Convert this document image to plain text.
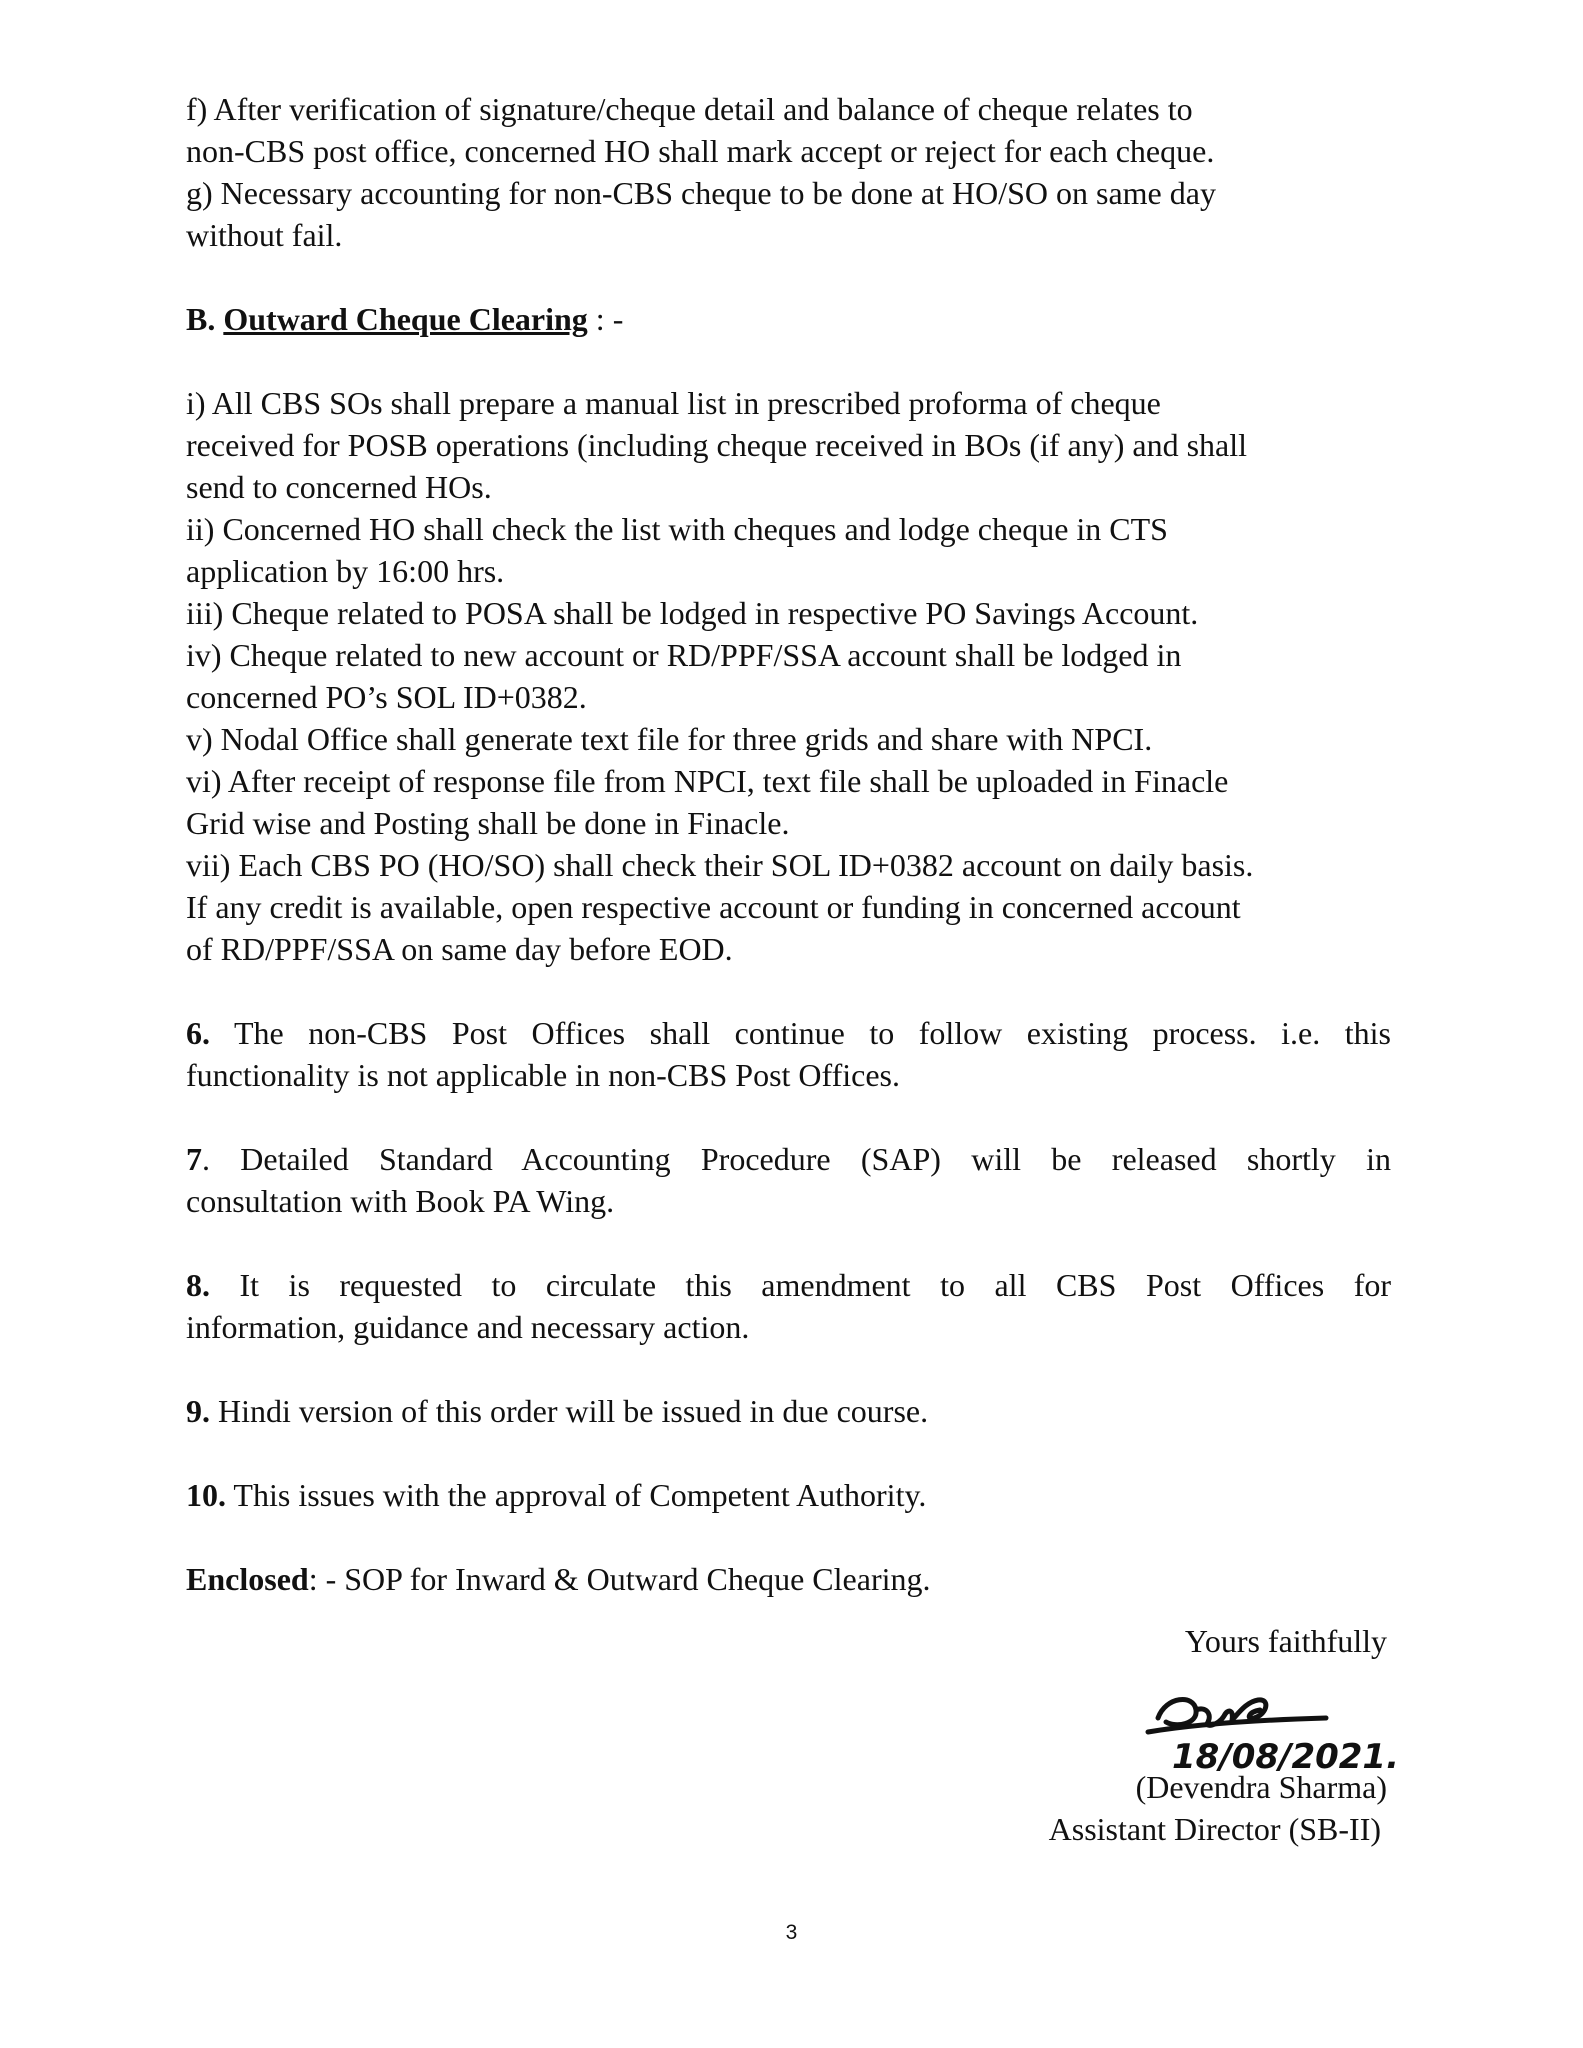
f) After verification of signature/cheque detail and balance of cheque relates to
non-CBS post office, concerned HO shall mark accept or reject for each cheque.
g) Necessary accounting for non-CBS cheque to be done at HO/SO on same day
without fail.
B. Outward Cheque Clearing : -
i) All CBS SOs shall prepare a manual list in prescribed proforma of cheque
received for POSB operations (including cheque received in BOs (if any) and shall
send to concerned HOs.
ii) Concerned HO shall check the list with cheques and lodge cheque in CTS
application by 16:00 hrs.
iii) Cheque related to POSA shall be lodged in respective PO Savings Account.
iv) Cheque related to new account or RD/PPF/SSA account shall be lodged in
concerned PO’s SOL ID+0382.
v) Nodal Office shall generate text file for three grids and share with NPCI.
vi) After receipt of response file from NPCI, text file shall be uploaded in Finacle
Grid wise and Posting shall be done in Finacle.
vii) Each CBS PO (HO/SO) shall check their SOL ID+0382 account on daily basis.
If any credit is available, open respective account or funding in concerned account
of RD/PPF/SSA on same day before EOD.
6. The non-CBS Post Offices shall continue to follow existing process. i.e. this
functionality is not applicable in non-CBS Post Offices.
7. Detailed Standard Accounting Procedure (SAP) will be released shortly in
consultation with Book PA Wing.
8. It is requested to circulate this amendment to all CBS Post Offices for
information, guidance and necessary action.
9. Hindi version of this order will be issued in due course.
10. This issues with the approval of Competent Authority.
Enclosed: - SOP for Inward & Outward Cheque Clearing.
Yours faithfully
18/08/2021.
(Devendra Sharma)
Assistant Director (SB-II)
3
